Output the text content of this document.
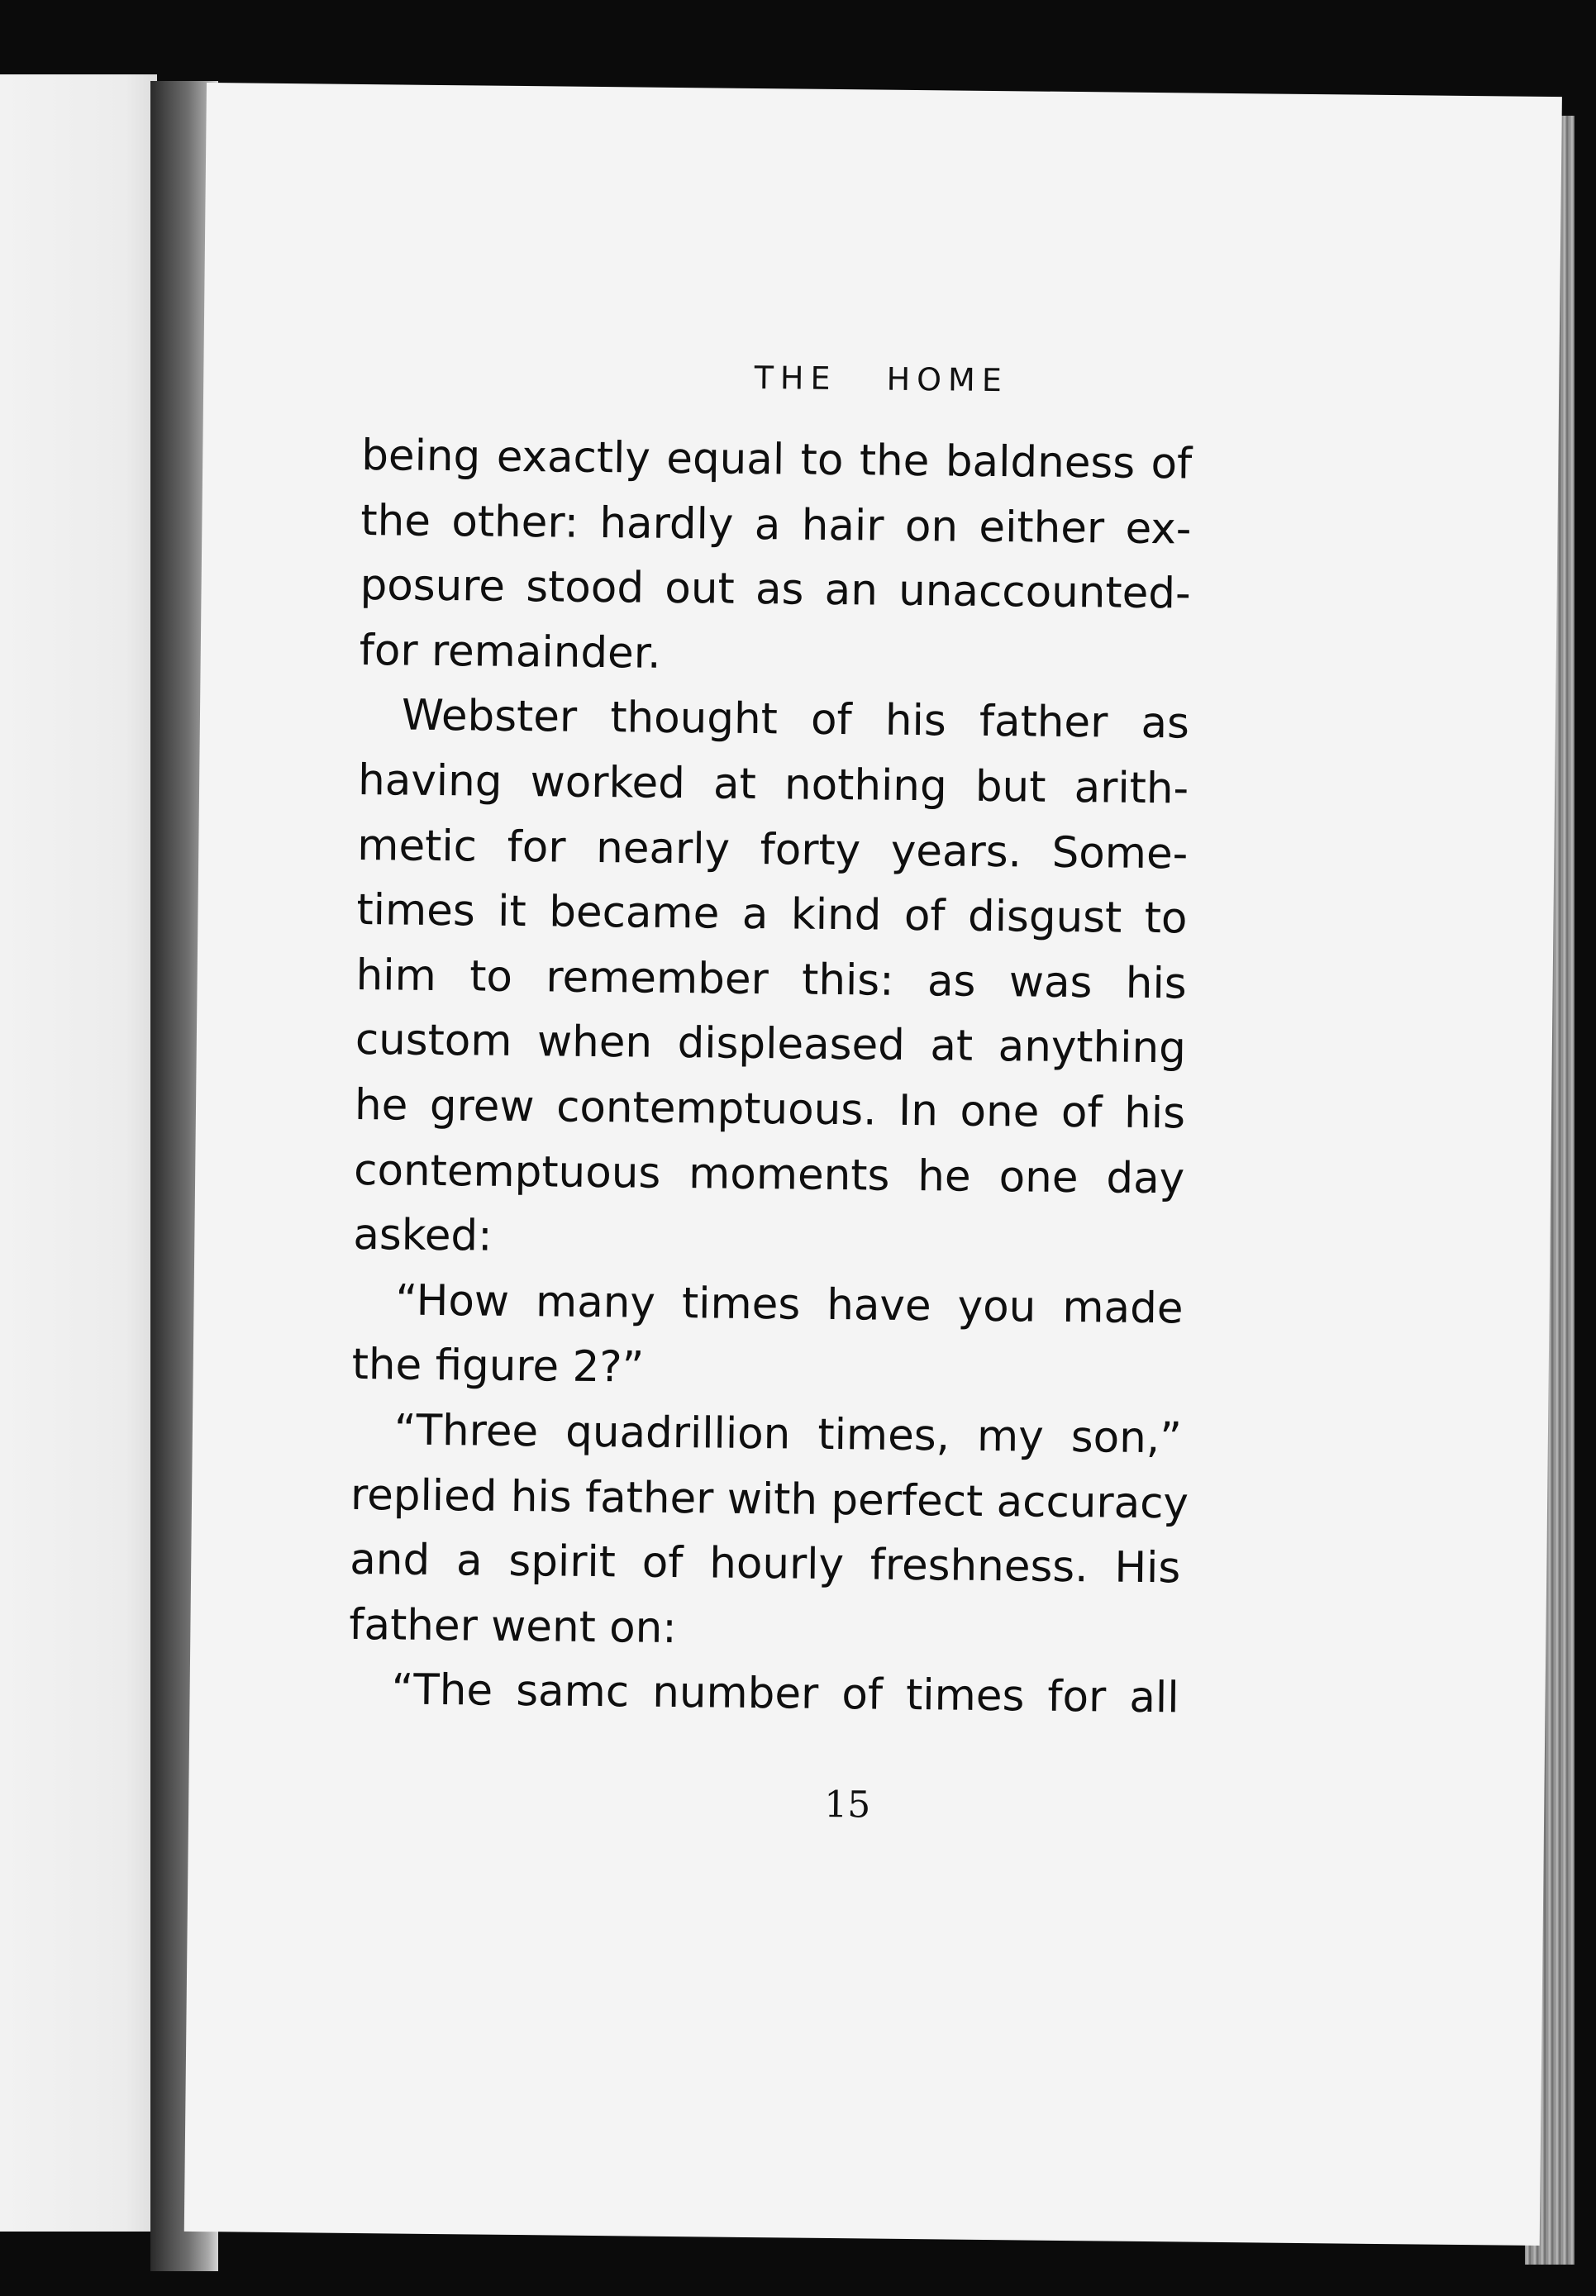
THE HOME
being exactly equal to the baldness of
the other: hardly a hair on either ex-
posure stood out as an unaccounted-
for remainder.
Webster thought of his father as
having worked at nothing but arith-
metic for nearly forty years. Some-
times it became a kind of disgust to
him to remember this: as was his
custom when displeased at anything
he grew contemptuous. In one of his
contemptuous moments he one day
asked:
“How many times have you made
the figure 2?”
“Three quadrillion times, my son,”
replied his father with perfect accuracy
and a spirit of hourly freshness. His
father went on:
“The samc number of times for all
15
